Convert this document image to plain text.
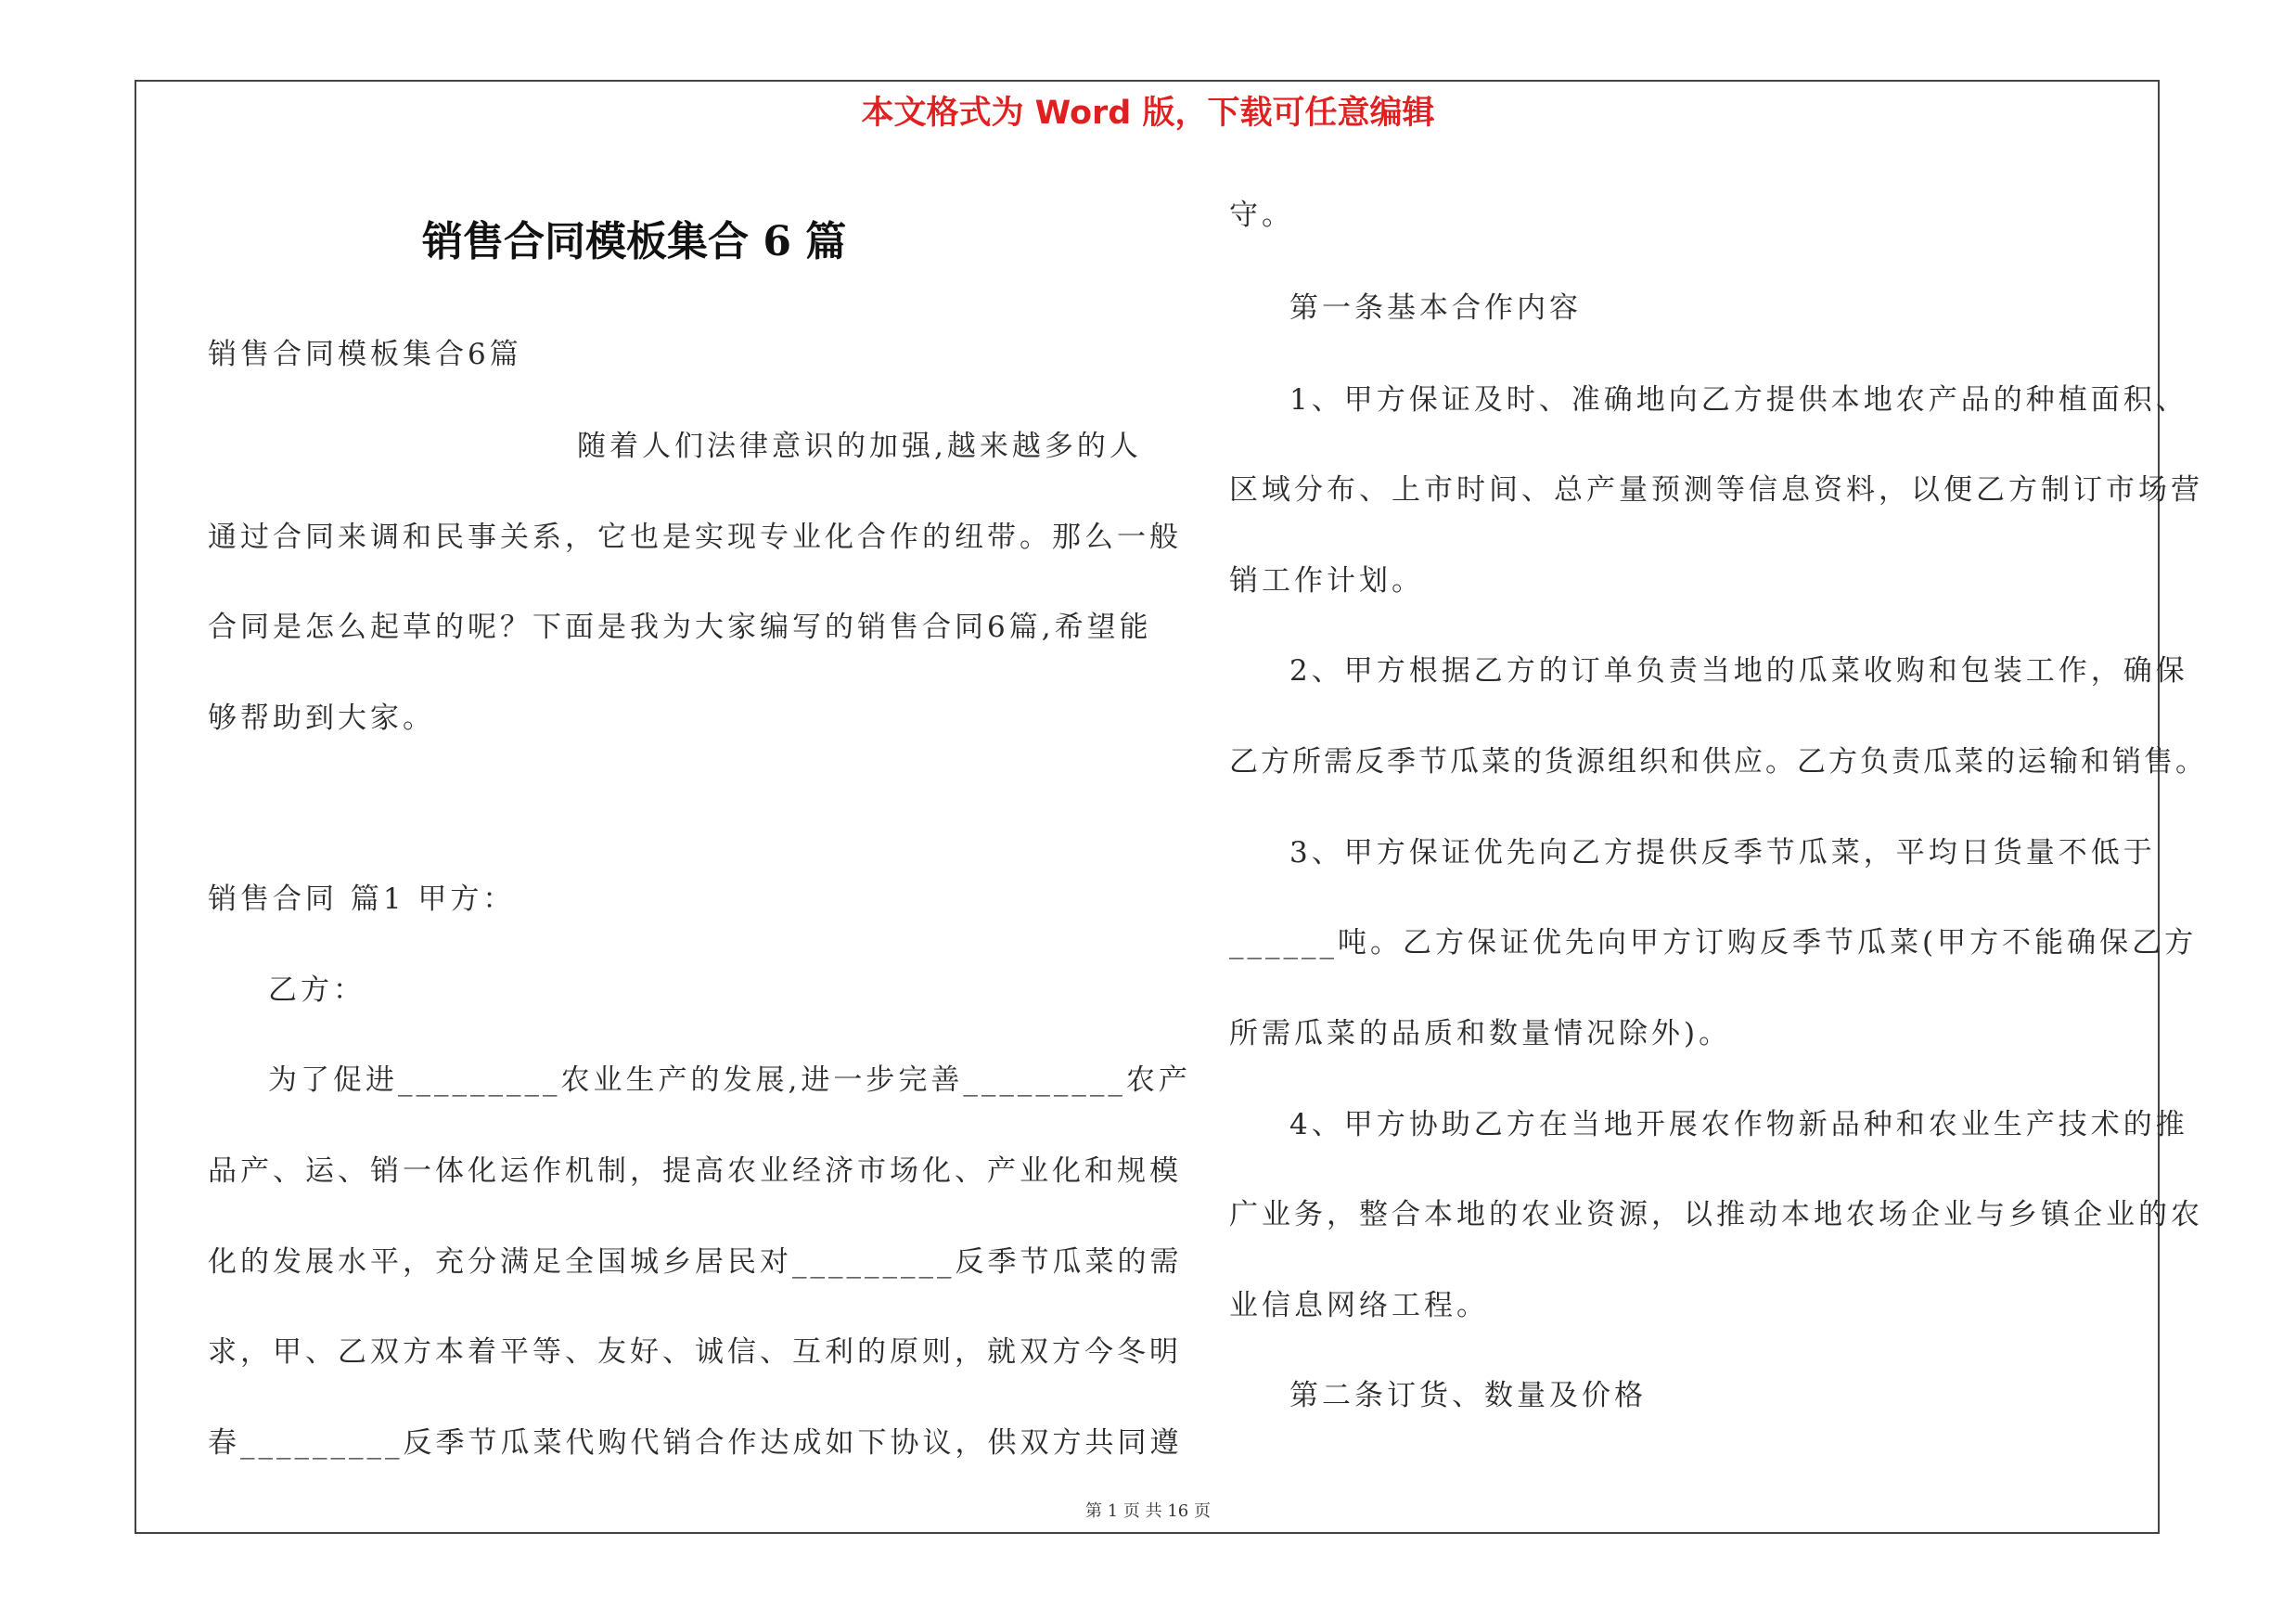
本文格式为 Word 版，下载可任意编辑
销售合同模板集合 6 篇
销售合同模板集合6篇
随着人们法律意识的加强,越来越多的人
通过合同来调和民事关系，它也是实现专业化合作的纽带。那么一般
合同是怎么起草的呢？下面是我为大家编写的销售合同6篇,希望能
够帮助到大家。
销售合同 篇1 甲方：
乙方：
为了促进_________农业生产的发展,进一步完善_________农产
品产、运、销一体化运作机制，提高农业经济市场化、产业化和规模
化的发展水平，充分满足全国城乡居民对_________反季节瓜菜的需
求，甲、乙双方本着平等、友好、诚信、互利的原则，就双方今冬明
春_________反季节瓜菜代购代销合作达成如下协议，供双方共同遵
守。
第一条基本合作内容
1、甲方保证及时、准确地向乙方提供本地农产品的种植面积、
区域分布、上市时间、总产量预测等信息资料，以便乙方制订市场营
销工作计划。
2、甲方根据乙方的订单负责当地的瓜菜收购和包装工作，确保
乙方所需反季节瓜菜的货源组织和供应。乙方负责瓜菜的运输和销售。
3、甲方保证优先向乙方提供反季节瓜菜，平均日货量不低于
______吨。乙方保证优先向甲方订购反季节瓜菜(甲方不能确保乙方
所需瓜菜的品质和数量情况除外)。
4、甲方协助乙方在当地开展农作物新品种和农业生产技术的推
广业务，整合本地的农业资源，以推动本地农场企业与乡镇企业的农
业信息网络工程。
第二条订货、数量及价格
第 1 页 共 16 页
